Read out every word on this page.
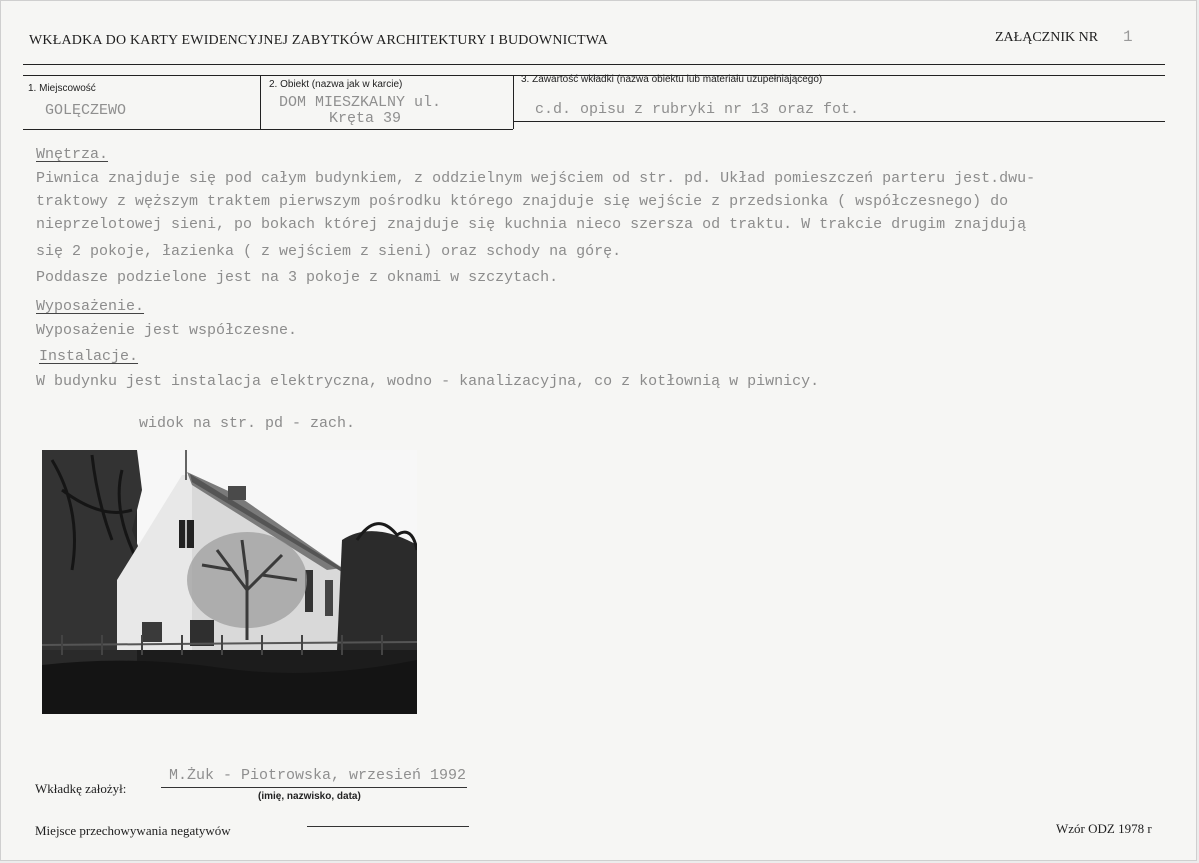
WKŁADKA DO KARTY EWIDENCYJNEJ ZABYTKÓW ARCHITEKTURY I BUDOWNICTWA	ZAŁĄCZNIK NR 1
1. Miejscowość
GOLĘCZEWO
2. Obiekt (nazwa jak w karcie)
DOM MIESZKALNY ul.
Kręta 39
3. Zawartość wkładki (nazwa obiektu lub materiału uzupełniającego)
c.d. opisu z rubryki nr 13 oraz fot.
Wnętrza.
Piwnica znajduje się pod całym budynkiem, z oddzielnym wejściem od str. pd. Układ pomieszczeń parteru jest.dwu-
traktowy z węższym traktem pierwszym pośrodku którego znajduje się wejście z przedsionka ( współczesnego) do
nieprzelotowej sieni, po bokach której znajduje się kuchnia nieco szersza od traktu. W trakcie drugim znajdują
się 2 pokoje, łazienka ( z wejściem z sieni) oraz schody na górę.
Poddasze podzielone jest na 3 pokoje z oknami w szczytach.
Wyposażenie.
Wyposażenie jest współczesne.
Instalacje.
W budynku jest instalacja elektryczna, wodno - kanalizacyjna, co z kotłownią w piwnicy.
widok na str. pd - zach.
Wkładkę założył:
M.Żuk - Piotrowska, wrzesień 1992
(imię, nazwisko, data)
Miejsce przechowywania negatywów	Wzór ODZ 1978 r
